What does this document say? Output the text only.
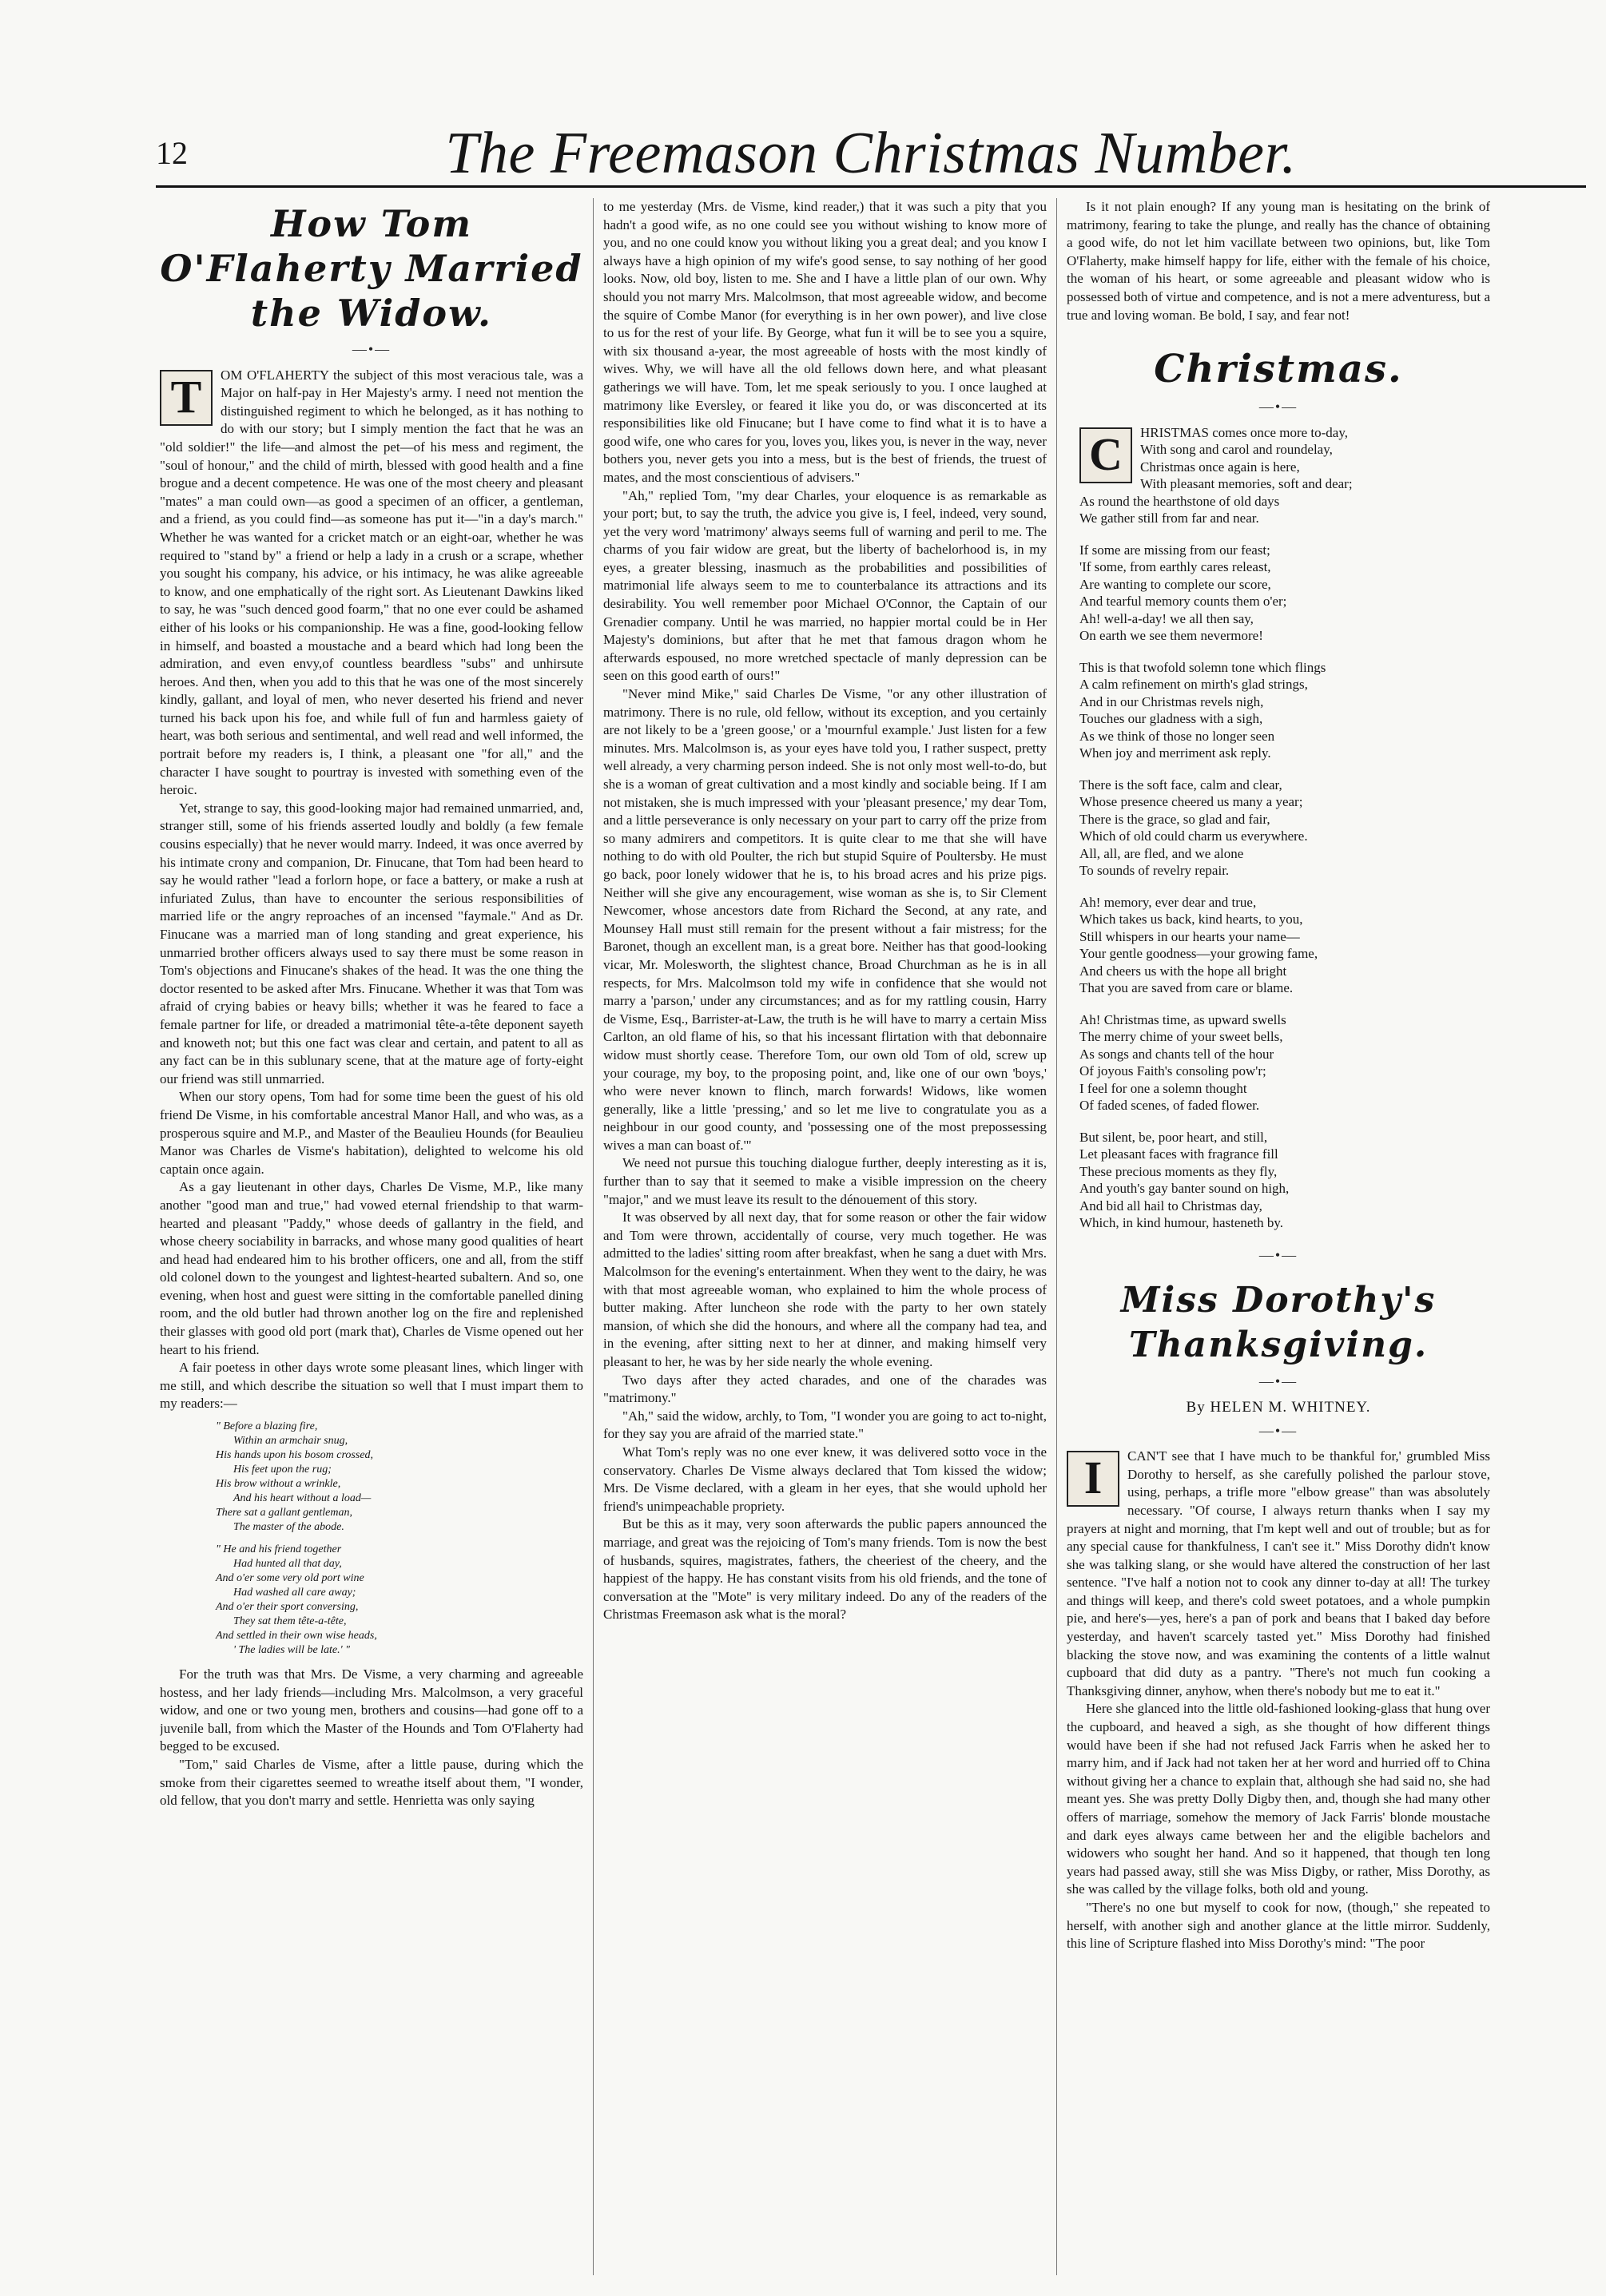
12	The Freemason Christmas Number.
How Tom O'Flaherty Married the Widow.
—•—
T	OM O'FLAHERTY the subject of this most veracious tale, was a Major on half-pay in Her Majesty's army. I need not mention the distinguished regiment to which he belonged, as it has nothing to do with our story; but I simply mention the fact that he was an "old soldier!" the life—and almost the pet—of his mess and regiment, the "soul of honour," and the child of mirth, blessed with good health and a fine brogue and a decent competence. He was one of the most cheery and pleasant "mates" a man could own—as good a specimen of an officer, a gentleman, and a friend, as you could find—as someone has put it—"in a day's march." Whether he was wanted for a cricket match or an eight-oar, whether he was required to "stand by" a friend or help a lady in a crush or a scrape, whether you sought his company, his advice, or his intimacy, he was alike agreeable to know, and one emphatically of the right sort. As Lieutenant Dawkins liked to say, he was "such denced good foarm," that no one ever could be ashamed either of his looks or his companionship. He was a fine, good-looking fellow in himself, and boasted a moustache and a beard which had long been the admiration, and even envy,of countless beardless "subs" and unhirsute heroes. And then, when you add to this that he was one of the most sincerely kindly, gallant, and loyal of men, who never deserted his friend and never turned his back upon his foe, and while full of fun and harmless gaiety of heart, was both serious and sentimental, and well read and well informed, the portrait before my readers is, I think, a pleasant one "for all," and the character I have sought to pourtray is invested with something even of the heroic.

Yet, strange to say, this good-looking major had remained unmarried, and, stranger still, some of his friends asserted loudly and boldly (a few female cousins especially) that he never would marry. Indeed, it was once averred by his intimate crony and companion, Dr. Finucane, that Tom had been heard to say he would rather "lead a forlorn hope, or face a battery, or make a rush at infuriated Zulus, than have to encounter the serious responsibilities of married life or the angry reproaches of an incensed "faymale." And as Dr. Finucane was a married man of long standing and great experience, his unmarried brother officers always used to say there must be some reason in Tom's objections and Finucane's shakes of the head. It was the one thing the doctor resented to be asked after Mrs. Finucane. Whether it was that Tom was afraid of crying babies or heavy bills; whether it was he feared to face a female partner for life, or dreaded a matrimonial tête-a-tête deponent sayeth and knoweth not; but this one fact was clear and certain, and patent to all as any fact can be in this sublunary scene, that at the mature age of forty-eight our friend was still unmarried.

When our story opens, Tom had for some time been the guest of his old friend De Visme, in his comfortable ancestral Manor Hall, and who was, as a prosperous squire and M.P., and Master of the Beaulieu Hounds (for Beaulieu Manor was Charles de Visme's habitation), delighted to welcome his old captain once again.

As a gay lieutenant in other days, Charles De Visme, M.P., like many another "good man and true," had vowed eternal friendship to that warm-hearted and pleasant "Paddy," whose deeds of gallantry in the field, and whose cheery sociability in barracks, and whose many good qualities of heart and head had endeared him to his brother officers, one and all, from the stiff old colonel down to the youngest and lightest-hearted subaltern. And so, one evening, when host and guest were sitting in the comfortable panelled dining room, and the old butler had thrown another log on the fire and replenished their glasses with good old port (mark that), Charles de Visme opened out her heart to his friend.

A fair poetess in other days wrote some pleasant lines, which linger with me still, and which describe the situation so well that I must impart them to my readers:—

" Before a blazing fire,
Within an armchair snug,
His hands upon his bosom crossed,
His feet upon the rug;
His brow without a wrinkle,
And his heart without a load—
There sat a gallant gentleman,
The master of the abode.
" He and his friend together
Had hunted all that day,
And o'er some very old port wine
Had washed all care away;
And o'er their sport conversing,
They sat them tête-a-tête,
And settled in their own wise heads,
' The ladies will be late.' "

For the truth was that Mrs. De Visme, a very charming and agreeable hostess, and her lady friends—including Mrs. Malcolmson, a very graceful widow, and one or two young men, brothers and cousins—had gone off to a juvenile ball, from which the Master of the Hounds and Tom O'Flaherty had begged to be excused.

"Tom," said Charles de Visme, after a little pause, during which the smoke from their cigarettes seemed to wreathe itself about them, "I wonder, old fellow, that you don't marry and settle. Henrietta was only saying

to me yesterday (Mrs. de Visme, kind reader,) that it was such a pity that you hadn't a good wife, as no one could see you without wishing to know more of you, and no one could know you without liking you a great deal; and you know I always have a high opinion of my wife's good sense, to say nothing of her good looks. Now, old boy, listen to me. She and I have a little plan of our own. Why should you not marry Mrs. Malcolmson, that most agreeable widow, and become the squire of Combe Manor (for everything is in her own power), and live close to us for the rest of your life. By George, what fun it will be to see you a squire, with six thousand a-year, the most agreeable of hosts with the most kindly of wives. Why, we will have all the old fellows down here, and what pleasant gatherings we will have. Tom, let me speak seriously to you. I once laughed at matrimony like Eversley, or feared it like you do, or was disconcerted at its responsibilities like old Finucane; but I have come to find what it is to have a good wife, one who cares for you, loves you, likes you, is never in the way, never bothers you, never gets you into a mess, but is the best of friends, the truest of mates, and the most conscientious of advisers."

"Ah," replied Tom, "my dear Charles, your eloquence is as remarkable as your port; but, to say the truth, the advice you give is, I feel, indeed, very sound, yet the very word 'matrimony' always seems full of warning and peril to me. The charms of you fair widow are great, but the liberty of bachelorhood is, in my eyes, a greater blessing, inasmuch as the probabilities and possibilities of matrimonial life always seem to me to counterbalance its attractions and its desirability. You well remember poor Michael O'Connor, the Captain of our Grenadier company. Until he was married, no happier mortal could be in Her Majesty's dominions, but after that he met that famous dragon whom he afterwards espoused, no more wretched spectacle of manly depression can be seen on this good earth of ours!"

"Never mind Mike," said Charles De Visme, "or any other illustration of matrimony. There is no rule, old fellow, without its exception, and you certainly are not likely to be a 'green goose,' or a 'mournful example.' Just listen for a few minutes. Mrs. Malcolmson is, as your eyes have told you, I rather suspect, pretty well already, a very charming person indeed. She is not only most well-to-do, but she is a woman of great cultivation and a most kindly and sociable being. If I am not mistaken, she is much impressed with your 'pleasant presence,' my dear Tom, and a little perseverance is only necessary on your part to carry off the prize from so many admirers and competitors. It is quite clear to me that she will have nothing to do with old Poulter, the rich but stupid Squire of Poultersby. He must go back, poor lonely widower that he is, to his broad acres and his prize pigs. Neither will she give any encouragement, wise woman as she is, to Sir Clement Newcomer, whose ancestors date from Richard the Second, at any rate, and Mounsey Hall must still remain for the present without a fair mistress; for the Baronet, though an excellent man, is a great bore. Neither has that good-looking vicar, Mr. Molesworth, the slightest chance, Broad Churchman as he is in all respects, for Mrs. Malcolmson told my wife in confidence that she would not marry a 'parson,' under any circumstances; and as for my rattling cousin, Harry de Visme, Esq., Barrister-at-Law, the truth is he will have to marry a certain Miss Carlton, an old flame of his, so that his incessant flirtation with that debonnaire widow must shortly cease. Therefore Tom, our own old Tom of old, screw up your courage, my boy, to the proposing point, and, like one of our own 'boys,' who were never known to flinch, march forwards! Widows, like women generally, like a little 'pressing,' and so let me live to congratulate you as a neighbour in our good county, and 'possessing one of the most prepossessing wives a man can boast of.'"

We need not pursue this touching dialogue further, deeply interesting as it is, further than to say that it seemed to make a visible impression on the cheery "major," and we must leave its result to the dénouement of this story.

It was observed by all next day, that for some reason or other the fair widow and Tom were thrown, accidentally of course, very much together. He was admitted to the ladies' sitting room after breakfast, when he sang a duet with Mrs. Malcolmson for the evening's entertainment. When they went to the dairy, he was with that most agreeable woman, who explained to him the whole process of butter making. After luncheon she rode with the party to her own stately mansion, of which she did the honours, and where all the company had tea, and in the evening, after sitting next to her at dinner, and making himself very pleasant to her, he was by her side nearly the whole evening.

Two days after they acted charades, and one of the charades was "matrimony."

"Ah," said the widow, archly, to Tom, "I wonder you are going to act to-night, for they say you are afraid of the married state."

What Tom's reply was no one ever knew, it was delivered sotto voce in the conservatory. Charles De Visme always declared that Tom kissed the widow; Mrs. De Visme declared, with a gleam in her eyes, that she would uphold her friend's unimpeachable propriety.

But be this as it may, very soon afterwards the public papers announced the marriage, and great was the rejoicing of Tom's many friends. Tom is now the best of husbands, squires, magistrates, fathers, the cheeriest of the cheery, and the happiest of the happy. He has constant visits from his old friends, and the tone of conversation at the "Mote" is very military indeed. Do any of the readers of the Christmas Freemason ask what is the moral?

Is it not plain enough? If any young man is hesitating on the brink of matrimony, fearing to take the plunge, and really has the chance of obtaining a good wife, do not let him vacillate between two opinions, but, like Tom O'Flaherty, make himself happy for life, either with the female of his choice, the woman of his heart, or some agreeable and pleasant widow who is possessed both of virtue and competence, and is not a mere adventuress, but a true and loving woman. Be bold, I say, and fear not!

Christmas.
—•—
C	HRISTMAS comes once more to-day,
With song and carol and roundelay,
Christmas once again is here,
With pleasant memories, soft and dear;
As round the hearthstone of old days
We gather still from far and near.
If some are missing from our feast;
'If some, from earthly cares releast,
Are wanting to complete our score,
And tearful memory counts them o'er;
Ah! well-a-day! we all then say,
On earth we see them nevermore!
This is that twofold solemn tone which flings
A calm refinement on mirth's glad strings,
And in our Christmas revels nigh,
Touches our gladness with a sigh,
As we think of those no longer seen
When joy and merriment ask reply.
There is the soft face, calm and clear,
Whose presence cheered us many a year;
There is the grace, so glad and fair,
Which of old could charm us everywhere.
All, all, are fled, and we alone
To sounds of revelry repair.
Ah! memory, ever dear and true,
Which takes us back, kind hearts, to you,
Still whispers in our hearts your name—
Your gentle goodness—your growing fame,
And cheers us with the hope all bright
That you are saved from care or blame.
Ah! Christmas time, as upward swells
The merry chime of your sweet bells,
As songs and chants tell of the hour
Of joyous Faith's consoling pow'r;
I feel for one a solemn thought
Of faded scenes, of faded flower.
But silent, be, poor heart, and still,
Let pleasant faces with fragrance fill
These precious moments as they fly,
And youth's gay banter sound on high,
And bid all hail to Christmas day,
Which, in kind humour, hasteneth by.
—•—
Miss Dorothy's Thanksgiving.
—•—
By HELEN M. WHITNEY.
—•—
I	CAN'T see that I have much to be thankful for,' grumbled Miss Dorothy to herself, as she carefully polished the parlour stove, using, perhaps, a trifle more "elbow grease" than was absolutely necessary. "Of course, I always return thanks when I say my prayers at night and morning, that I'm kept well and out of trouble; but as for any special cause for thankfulness, I can't see it." Miss Dorothy didn't know she was talking slang, or she would have altered the construction of her last sentence. "I've half a notion not to cook any dinner to-day at all! The turkey and things will keep, and there's cold sweet potatoes, and a whole pumpkin pie, and here's—yes, here's a pan of pork and beans that I baked day before yesterday, and haven't scarcely tasted yet." Miss Dorothy had finished blacking the stove now, and was examining the contents of a little walnut cupboard that did duty as a pantry. "There's not much fun cooking a Thanksgiving dinner, anyhow, when there's nobody but me to eat it."

Here she glanced into the little old-fashioned looking-glass that hung over the cupboard, and heaved a sigh, as she thought of how different things would have been if she had not refused Jack Farris when he asked her to marry him, and if Jack had not taken her at her word and hurried off to China without giving her a chance to explain that, although she had said no, she had meant yes. She was pretty Dolly Digby then, and, though she had many other offers of marriage, somehow the memory of Jack Farris' blonde moustache and dark eyes always came between her and the eligible bachelors and widowers who sought her hand. And so it happened, that though ten long years had passed away, still she was Miss Digby, or rather, Miss Dorothy, as she was called by the village folks, both old and young.

"There's no one but myself to cook for now, (though," she repeated to herself, with another sigh and another glance at the little mirror. Suddenly, this line of Scripture flashed into Miss Dorothy's mind: "The poor
